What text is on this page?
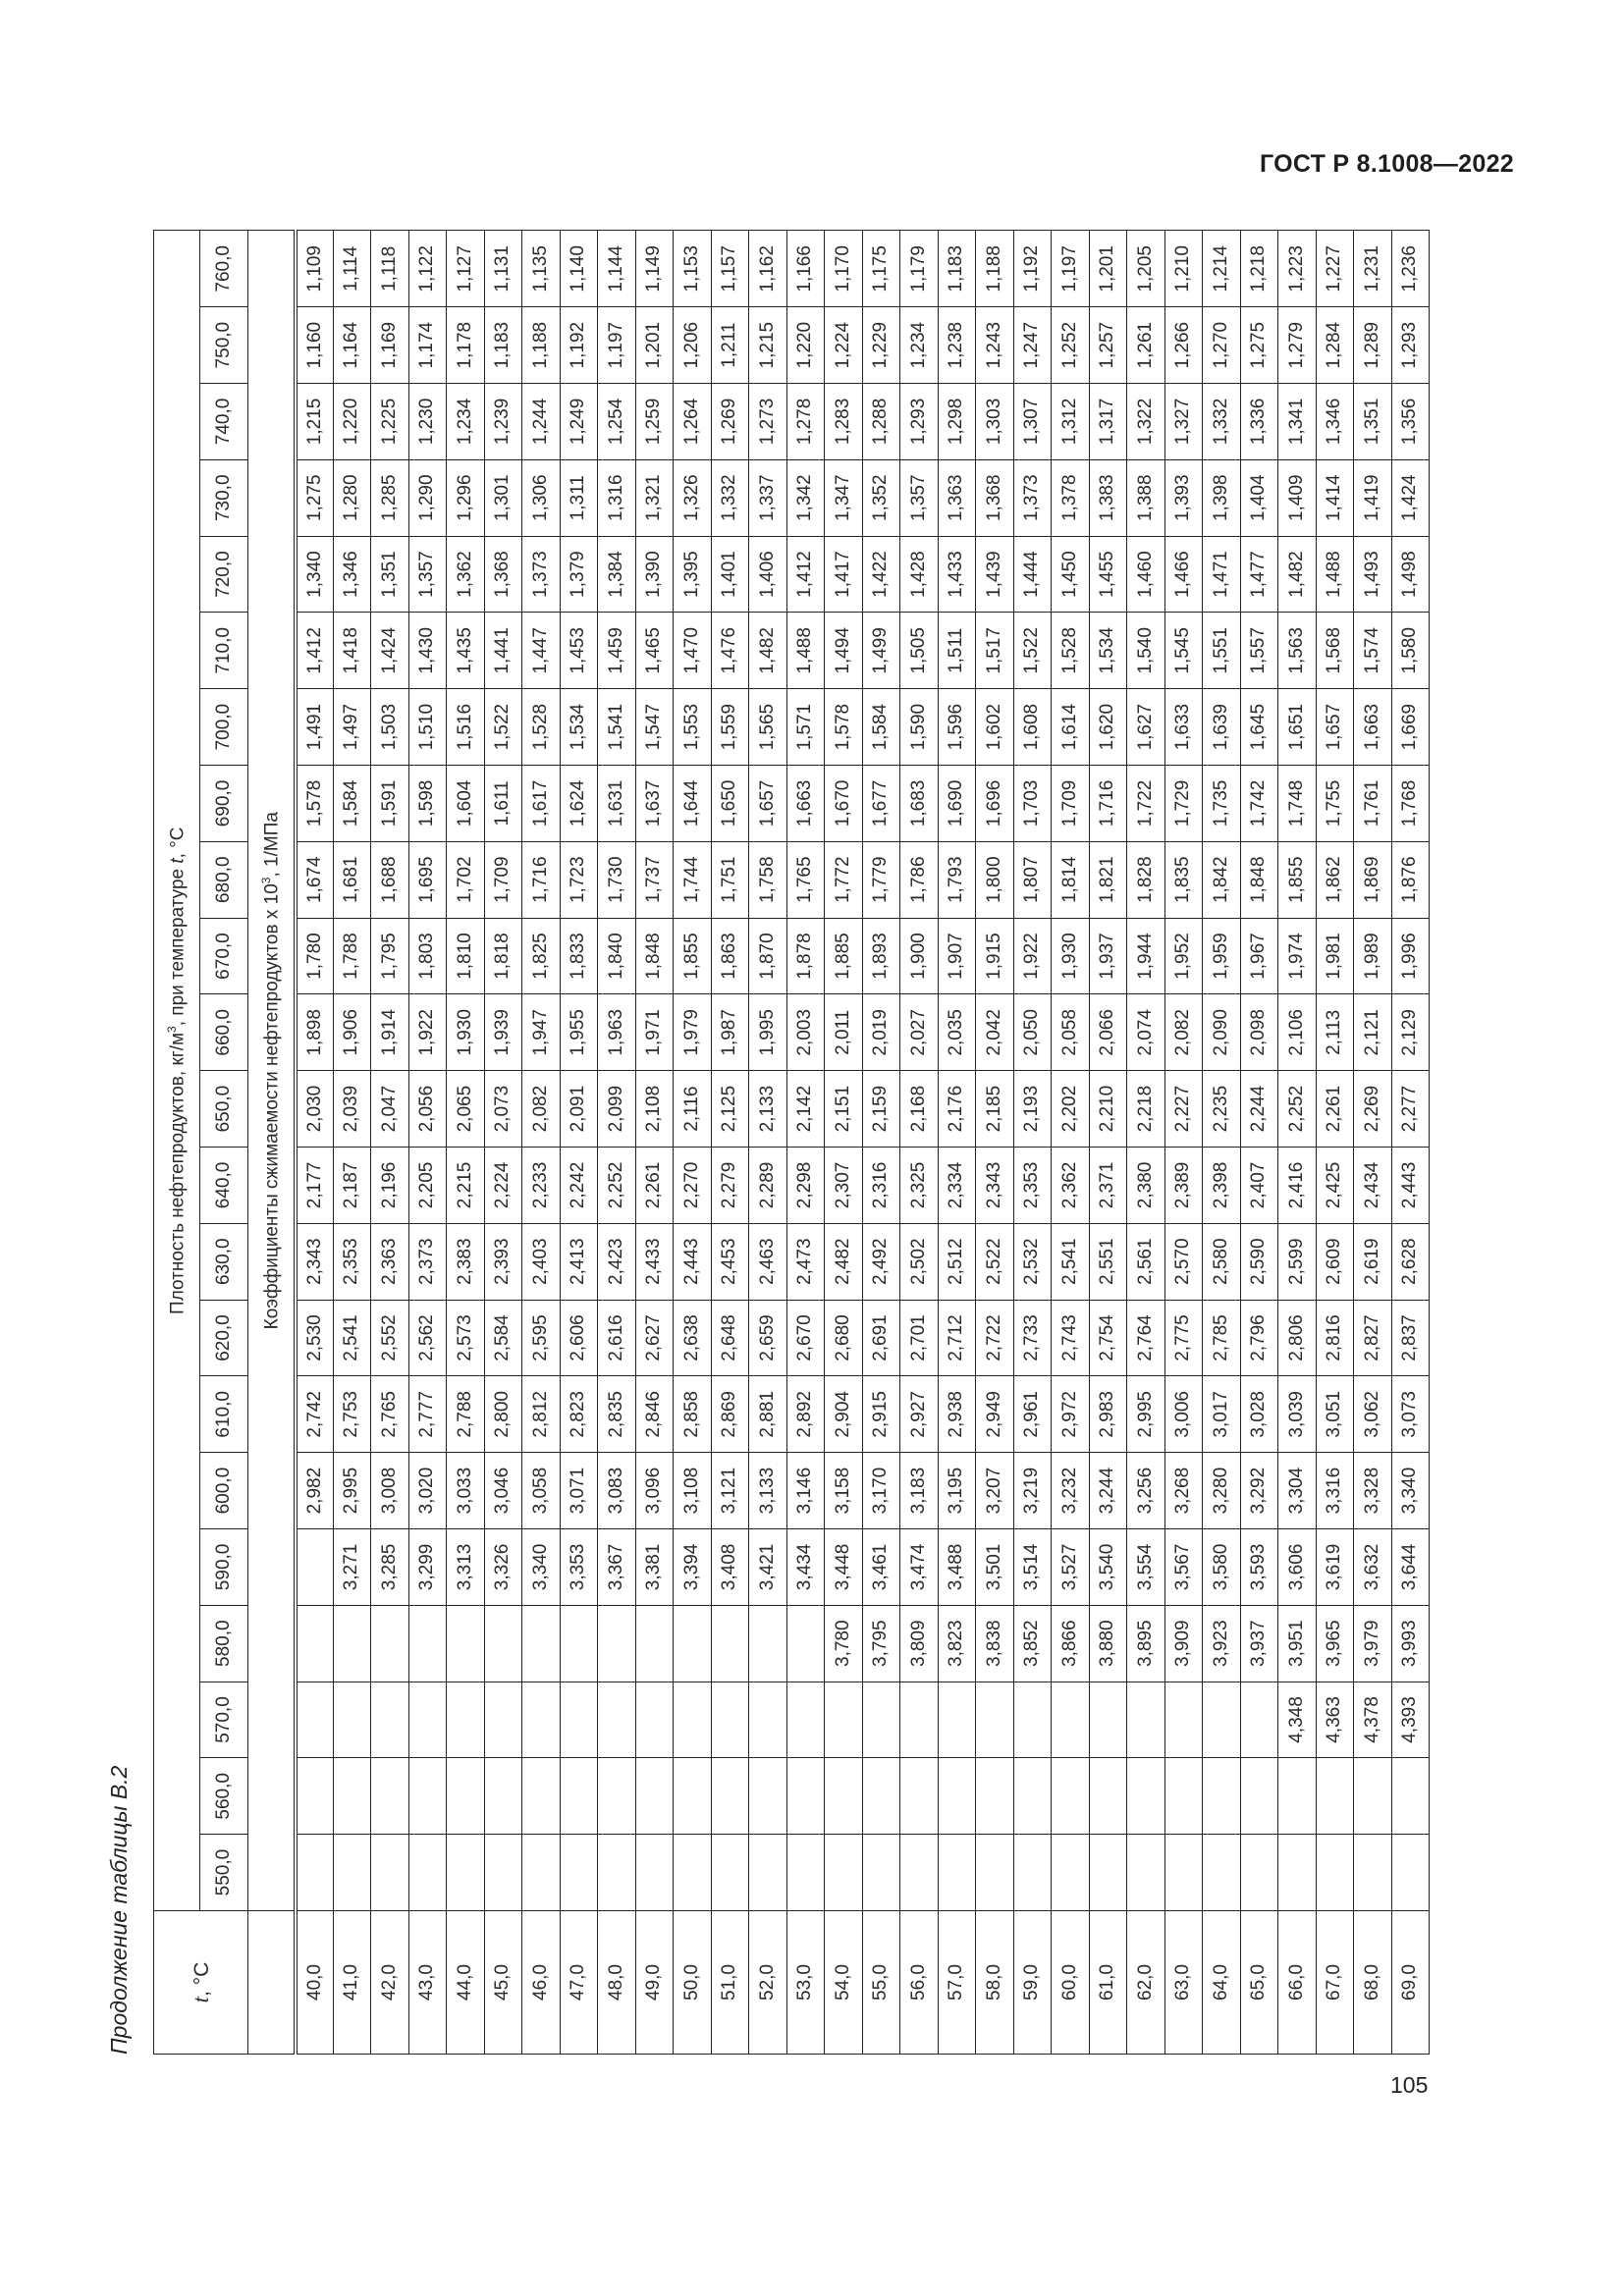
ГОСТ Р 8.1008—2022
Продолжение таблицы В.2	t, °C	Плотность нефтепродуктов, $кг/м^3$, при температуре t, °C																					
	550,0	560,0	570,0	580,0	590,0	600,0	610,0	620,0	630,0	640,0	650,0	660,0	670,0	680,0	690,0	700,0	710,0	720,0	730,0	740,0	750,0	760,0
	Коэффициенты сжимаемости нефтепродуктов x $10^3$, 1/МПа																					
40,0						2,982	2,742	2,530	2,343	2,177	2,030	1,898	1,780	1,674	1,578	1,491	1,412	1,340	1,275	1,215	1,160	1,109
41,0					3,271	2,995	2,753	2,541	2,353	2,187	2,039	1,906	1,788	1,681	1,584	1,497	1,418	1,346	1,280	1,220	1,164	1,114
42,0					3,285	3,008	2,765	2,552	2,363	2,196	2,047	1,914	1,795	1,688	1,591	1,503	1,424	1,351	1,285	1,225	1,169	1,118
43,0					3,299	3,020	2,777	2,562	2,373	2,205	2,056	1,922	1,803	1,695	1,598	1,510	1,430	1,357	1,290	1,230	1,174	1,122
44,0					3,313	3,033	2,788	2,573	2,383	2,215	2,065	1,930	1,810	1,702	1,604	1,516	1,435	1,362	1,296	1,234	1,178	1,127
45,0					3,326	3,046	2,800	2,584	2,393	2,224	2,073	1,939	1,818	1,709	1,611	1,522	1,441	1,368	1,301	1,239	1,183	1,131
46,0					3,340	3,058	2,812	2,595	2,403	2,233	2,082	1,947	1,825	1,716	1,617	1,528	1,447	1,373	1,306	1,244	1,188	1,135
47,0					3,353	3,071	2,823	2,606	2,413	2,242	2,091	1,955	1,833	1,723	1,624	1,534	1,453	1,379	1,311	1,249	1,192	1,140
48,0					3,367	3,083	2,835	2,616	2,423	2,252	2,099	1,963	1,840	1,730	1,631	1,541	1,459	1,384	1,316	1,254	1,197	1,144
49,0					3,381	3,096	2,846	2,627	2,433	2,261	2,108	1,971	1,848	1,737	1,637	1,547	1,465	1,390	1,321	1,259	1,201	1,149
50,0					3,394	3,108	2,858	2,638	2,443	2,270	2,116	1,979	1,855	1,744	1,644	1,553	1,470	1,395	1,326	1,264	1,206	1,153
51,0					3,408	3,121	2,869	2,648	2,453	2,279	2,125	1,987	1,863	1,751	1,650	1,559	1,476	1,401	1,332	1,269	1,211	1,157
52,0					3,421	3,133	2,881	2,659	2,463	2,289	2,133	1,995	1,870	1,758	1,657	1,565	1,482	1,406	1,337	1,273	1,215	1,162
53,0					3,434	3,146	2,892	2,670	2,473	2,298	2,142	2,003	1,878	1,765	1,663	1,571	1,488	1,412	1,342	1,278	1,220	1,166
54,0				3,780	3,448	3,158	2,904	2,680	2,482	2,307	2,151	2,011	1,885	1,772	1,670	1,578	1,494	1,417	1,347	1,283	1,224	1,170
55,0				3,795	3,461	3,170	2,915	2,691	2,492	2,316	2,159	2,019	1,893	1,779	1,677	1,584	1,499	1,422	1,352	1,288	1,229	1,175
56,0				3,809	3,474	3,183	2,927	2,701	2,502	2,325	2,168	2,027	1,900	1,786	1,683	1,590	1,505	1,428	1,357	1,293	1,234	1,179
57,0				3,823	3,488	3,195	2,938	2,712	2,512	2,334	2,176	2,035	1,907	1,793	1,690	1,596	1,511	1,433	1,363	1,298	1,238	1,183
58,0				3,838	3,501	3,207	2,949	2,722	2,522	2,343	2,185	2,042	1,915	1,800	1,696	1,602	1,517	1,439	1,368	1,303	1,243	1,188
59,0				3,852	3,514	3,219	2,961	2,733	2,532	2,353	2,193	2,050	1,922	1,807	1,703	1,608	1,522	1,444	1,373	1,307	1,247	1,192
60,0				3,866	3,527	3,232	2,972	2,743	2,541	2,362	2,202	2,058	1,930	1,814	1,709	1,614	1,528	1,450	1,378	1,312	1,252	1,197
61,0				3,880	3,540	3,244	2,983	2,754	2,551	2,371	2,210	2,066	1,937	1,821	1,716	1,620	1,534	1,455	1,383	1,317	1,257	1,201
62,0				3,895	3,554	3,256	2,995	2,764	2,561	2,380	2,218	2,074	1,944	1,828	1,722	1,627	1,540	1,460	1,388	1,322	1,261	1,205
63,0				3,909	3,567	3,268	3,006	2,775	2,570	2,389	2,227	2,082	1,952	1,835	1,729	1,633	1,545	1,466	1,393	1,327	1,266	1,210
64,0				3,923	3,580	3,280	3,017	2,785	2,580	2,398	2,235	2,090	1,959	1,842	1,735	1,639	1,551	1,471	1,398	1,332	1,270	1,214
65,0				3,937	3,593	3,292	3,028	2,796	2,590	2,407	2,244	2,098	1,967	1,848	1,742	1,645	1,557	1,477	1,404	1,336	1,275	1,218
66,0			4,348	3,951	3,606	3,304	3,039	2,806	2,599	2,416	2,252	2,106	1,974	1,855	1,748	1,651	1,563	1,482	1,409	1,341	1,279	1,223
67,0			4,363	3,965	3,619	3,316	3,051	2,816	2,609	2,425	2,261	2,113	1,981	1,862	1,755	1,657	1,568	1,488	1,414	1,346	1,284	1,227
68,0			4,378	3,979	3,632	3,328	3,062	2,827	2,619	2,434	2,269	2,121	1,989	1,869	1,761	1,663	1,574	1,493	1,419	1,351	1,289	1,231
69,0			4,393	3,993	3,644	3,340	3,073	2,837	2,628	2,443	2,277	2,129	1,996	1,876	1,768	1,669	1,580	1,498	1,424	1,356	1,293	1,236
105
